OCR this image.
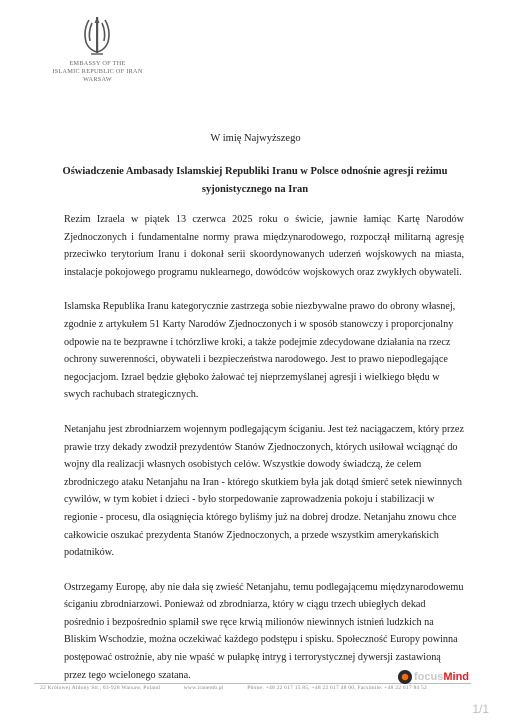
EMBASSY OF THE
ISLAMIC REPUBLIC OF IRAN
WARSAW
W imię Najwyższego
Oświadczenie Ambasady Islamskiej Republiki Iranu w Polsce odnośnie agresji reżimu
syjonistycznego na Iran

Rezim Izraela w piątek 13 czerwca 2025 roku o świcie, jawnie łamiąc Kartę Narodów Zjednoczonych i fundamentalne normy prawa międzynarodowego, rozpoczął militarną agresję przeciwko terytorium Iranu i dokonał serii skoordynowanych uderzeń wojskowych na miasta, instalacje pokojowego programu nuklearnego, dowódców wojskowych oraz zwykłych obywateli.

Islamska Republika Iranu kategorycznie zastrzega sobie niezbywalne prawo do obrony własnej, zgodnie z artykułem 51 Karty Narodów Zjednoczonych i w sposób stanowczy i proporcjonalny odpowie na te bezprawne i tchórzliwe kroki, a także podejmie zdecydowane działania na rzecz ochrony suwerenności, obywateli i bezpieczeństwa narodowego. Jest to prawo niepodlegające negocjacjom. Izrael będzie głęboko żałować tej nieprzemyślanej agresji i wielkiego błędu w swych rachubach strategicznych.

Netanjahu jest zbrodniarzem wojennym podlegającym ściganiu. Jest też naciągaczem, który przez prawie trzy dekady zwodził prezydentów Stanów Zjednoczonych, których usiłował wciągnąć do wojny dla realizacji własnych osobistych celów. Wszystkie dowody świadczą, że celem zbrodniczego ataku Netanjahu na Iran - którego skutkiem była jak dotąd śmierć setek niewinnych cywilów, w tym kobiet i dzieci - było storpedowanie zaprowadzenia pokoju i stabilizacji w regionie - procesu, dla osiągnięcia którego byliśmy już na dobrej drodze. Netanjahu znowu chce całkowicie oszukać prezydenta Stanów Zjednoczonych, a przede wszystkim amerykańskich podatników.

Ostrzegamy Europę, aby nie dała się zwieść Netanjahu, temu podlegającemu międzynarodowemu ściganiu zbrodniarzowi. Ponieważ od zbrodniarza, który w ciągu trzech ubiegłych dekad pośrednio i bezpośrednio splamił swe ręce krwią milionów niewinnych istnień ludzkich na Bliskim Wschodzie, można oczekiwać każdego podstępu i spisku. Społeczność Europy powinna postępować ostrożnie, aby nie wpaść w pułapkę intryg i terrorystycznej dywersji zastawioną przez tego wcielonego szatana.

22 Królowej Aldony Str., 03-928 Warsaw, Poland	www.iranemb.pl	Phone: +48 22 617 15 85, +48 22 617 48 00, Facsimile: +48 22 617 84 52
focusMind
1/1
